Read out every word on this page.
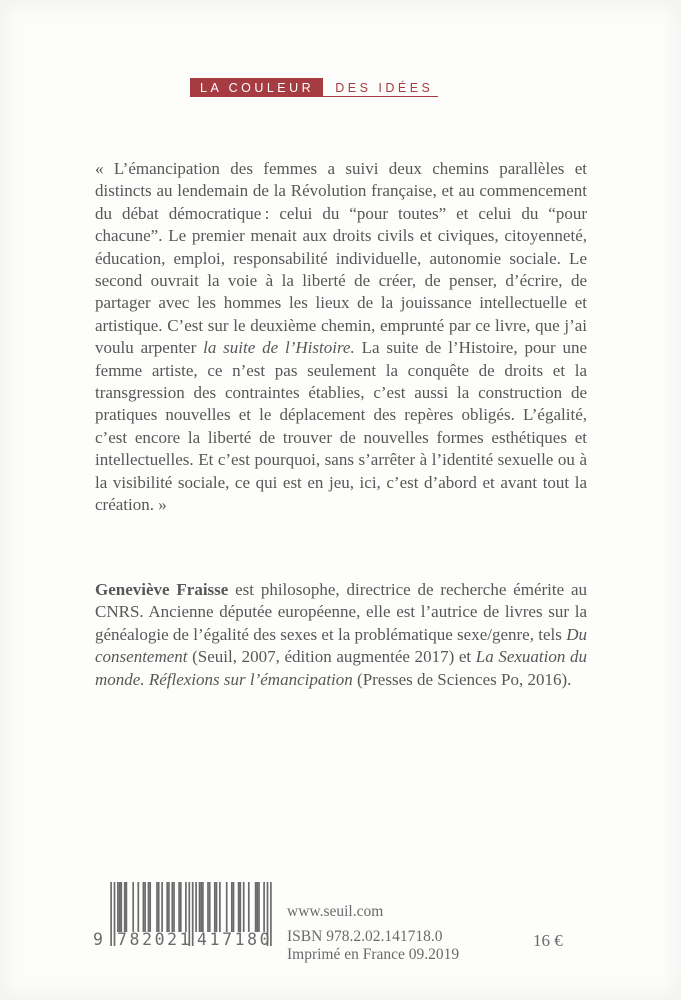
LA COULEUR	DES IDÉES

« L’émancipation des femmes a suivi deux chemins parallèles et distincts au lendemain de la Révolution française, et au commencement du débat démocratique : celui du “pour toutes” et celui du “pour chacune”. Le premier menait aux droits civils et civiques, citoyenneté, éducation, emploi, responsabilité individuelle, autonomie sociale. Le second ouvrait la voie à la liberté de créer, de penser, d’écrire, de partager avec les hommes les lieux de la jouissance intellectuelle et artistique. C’est sur le deuxième chemin, emprunté par ce livre, que j’ai voulu arpenter la suite de l’Histoire. La suite de l’Histoire, pour une femme artiste, ce n’est pas seulement la conquête de droits et la transgression des contraintes établies, c’est aussi la construction de pratiques nouvelles et le déplacement des repères obligés. L’égalité, c’est encore la liberté de trouver de nouvelles formes esthétiques et intellectuelles. Et c’est pourquoi, sans s’arrêter à l’identité sexuelle ou à la visibilité sociale, ce qui est en jeu, ici, c’est d’abord et avant tout la création. »

Geneviève Fraisse est philosophe, directrice de recherche émérite au CNRS. Ancienne députée européenne, elle est l’autrice de livres sur la généalogie de l’égalité des sexes et la problématique sexe/genre, tels Du consentement (Seuil, 2007, édition augmentée 2017) et La Sexuation du monde. Réflexions sur l’émancipation (Presses de Sciences Po, 2016).

9 782021 417180

www.seuil.com

ISBN 978.2.02.141718.0

Imprimé en France 09.2019

16 €
